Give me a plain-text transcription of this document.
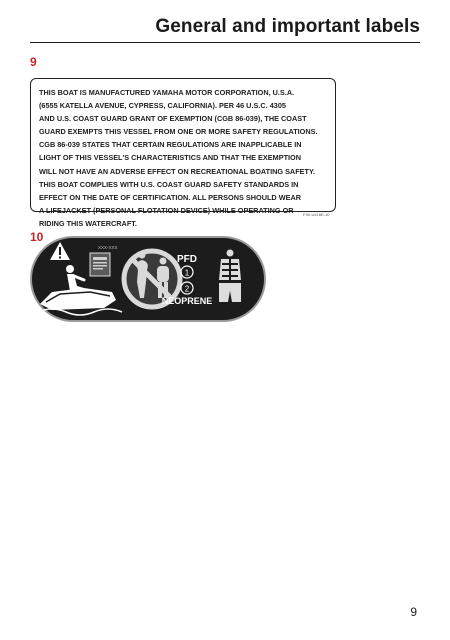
General and important labels
9
THIS BOAT IS MANUFACTURED YAMAHA MOTOR CORPORATION, U.S.A.
(6555 KATELLA AVENUE, CYPRESS, CALIFORNIA). PER 46 U.S.C. 4305
AND U.S. COAST GUARD GRANT OF EXEMPTION (CGB 86-039), THE COAST
GUARD EXEMPTS THIS VESSEL FROM ONE OR MORE SAFETY REGULATIONS.
CGB 86-039 STATES THAT CERTAIN REGULATIONS ARE INAPPLICABLE IN
LIGHT OF THIS VESSEL'S CHARACTERISTICS AND THAT THE EXEMPTION
WILL NOT HAVE AN ADVERSE EFFECT ON RECREATIONAL BOATING SAFETY.
THIS BOAT COMPLIES WITH U.S. COAST GUARD SAFETY STANDARDS IN
EFFECT ON THE DATE OF CERTIFICATION. ALL PERSONS SHOULD WEAR
A LIFEJACKET (PERSONAL FLOTATION DEVICE) WHILE OPERATING OR
RIDING THIS WATERCRAFT.
F3V-U416E-10
10
XXX-XXX
PFD
1
2
NEOPRENE
9
